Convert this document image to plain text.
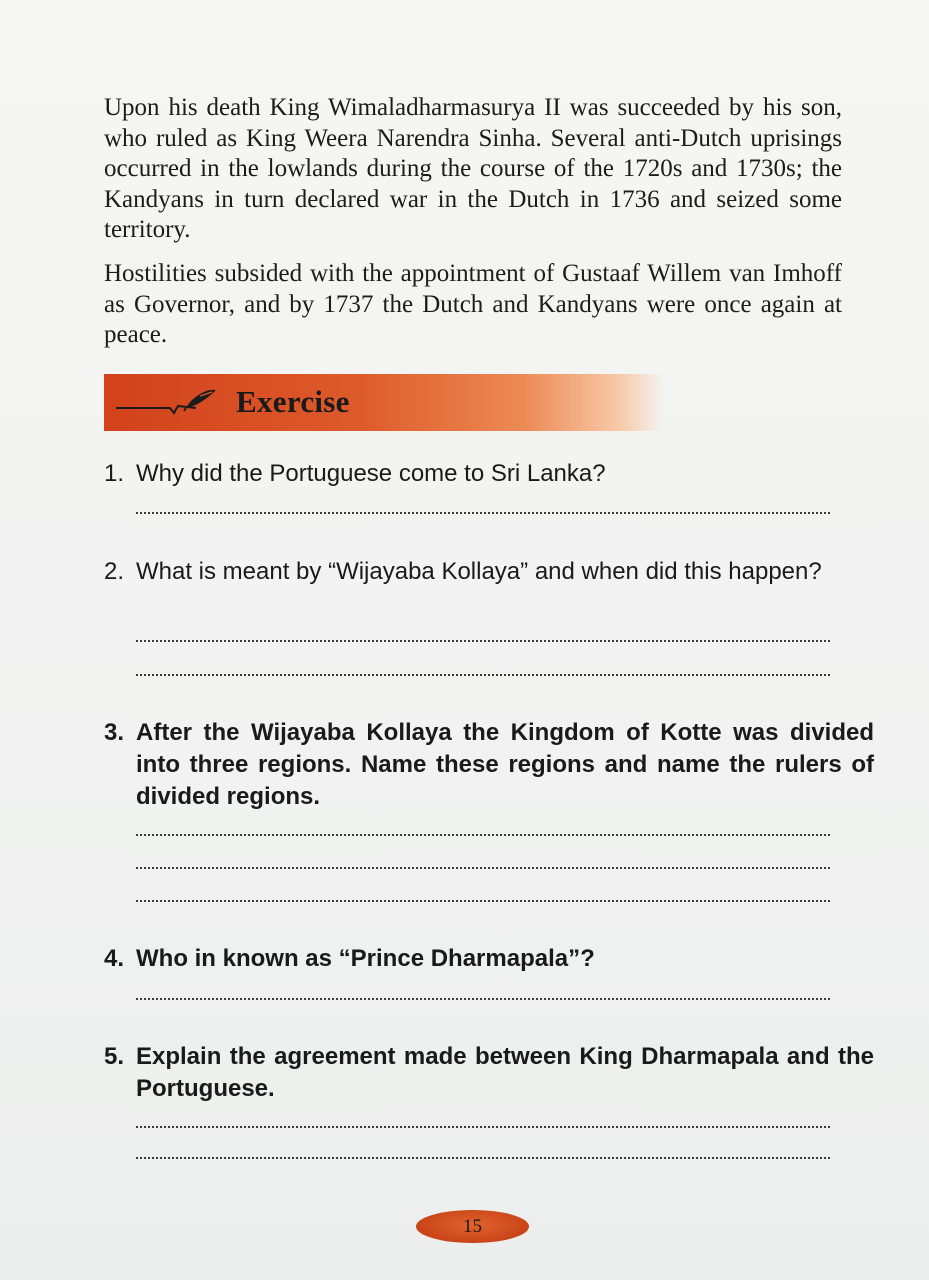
Upon his death King Wimaladharmasurya II was succeeded by his son, who ruled as King Weera Narendra Sinha. Several anti-Dutch uprisings occurred in the lowlands during the course of the 1720s and 1730s; the Kandyans in turn declared war in the Dutch in 1736 and seized some territory.

Hostilities subsided with the appointment of Gustaaf Willem van Imhoff as Governor, and by 1737 the Dutch and Kandyans were once again at peace.

Exercise
1. Why did the Portuguese come to Sri Lanka?
2. What is meant by “Wijayaba Kollaya” and when did this happen?
3. After the Wijayaba Kollaya the Kingdom of Kotte was divided into three regions. Name these regions and name the rulers of divided regions.
4. Who in known as “Prince Dharmapala”?
5. Explain the agreement made between King Dharmapala and the Portuguese.
15
